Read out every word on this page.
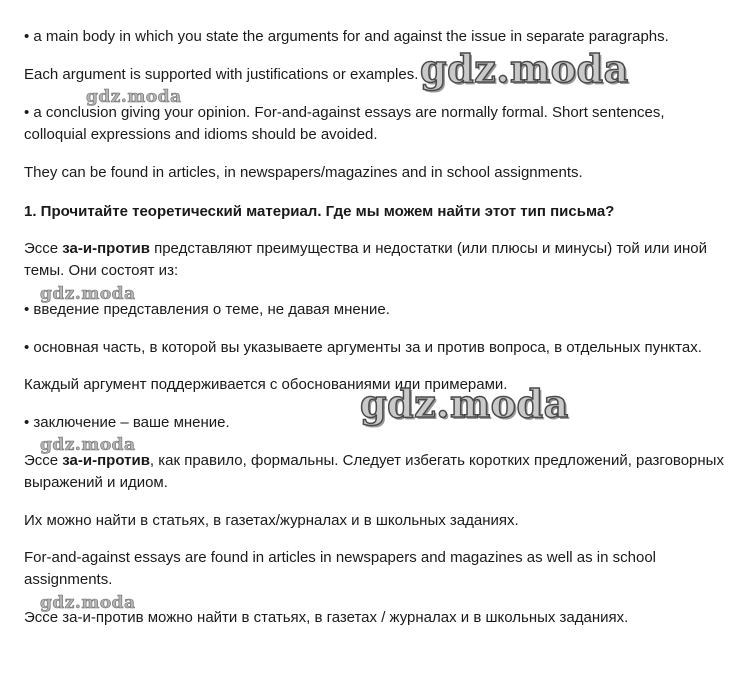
• a main body in which you state the arguments for and against the issue in separate paragraphs.

Each argument is supported with justifications or examples.

• a conclusion giving your opinion. For-and-against essays are normally formal. Short sentences, colloquial expressions and idioms should be avoided.

They can be found in articles, in newspapers/magazines and in school assignments.

1. Прочитайте теоретический материал. Где мы можем найти этот тип письма?

Эссе за-и-против представляют преимущества и недостатки (или плюсы и минусы) той или иной темы. Они состоят из:

• введение представления о теме, не давая мнение.

• основная часть, в которой вы указываете аргументы за и против вопроса, в отдельных пунктах.

Каждый аргумент поддерживается с обоснованиями или примерами.

• заключение – ваше мнение.

Эссе за-и-против, как правило, формальны. Следует избегать коротких предложений, разговорных выражений и идиом.

Их можно найти в статьях, в газетах/журналах и в школьных заданиях.

For-and-against essays are found in articles in newspapers and magazines as well as in school assignments.

Эссе за-и-против можно найти в статьях, в газетах / журналах и в школьных заданиях.

gdz.moda
gdz.moda
gdz.moda
gdz.moda
gdz.moda
gdz.moda
